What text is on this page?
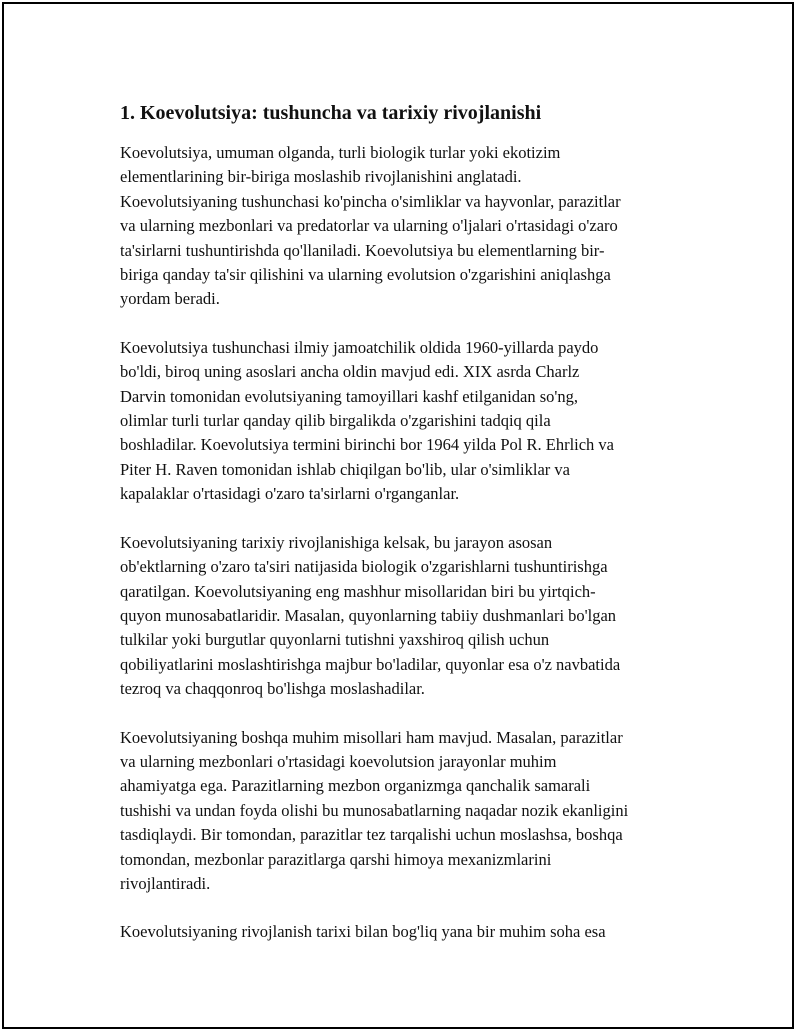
1. Koevolutsiya: tushuncha va tarixiy rivojlanishi

Koevolutsiya, umuman olganda, turli biologik turlar yoki ekotizim
elementlarining bir-biriga moslashib rivojlanishini anglatadi.
Koevolutsiyaning tushunchasi ko'pincha o'simliklar va hayvonlar, parazitlar
va ularning mezbonlari va predatorlar va ularning o'ljalari o'rtasidagi o'zaro
ta'sirlarni tushuntirishda qo'llaniladi. Koevolutsiya bu elementlarning bir-
biriga qanday ta'sir qilishini va ularning evolutsion o'zgarishini aniqlashga
yordam beradi.

Koevolutsiya tushunchasi ilmiy jamoatchilik oldida 1960-yillarda paydo
bo'ldi, biroq uning asoslari ancha oldin mavjud edi. XIX asrda Charlz
Darvin tomonidan evolutsiyaning tamoyillari kashf etilganidan so'ng,
olimlar turli turlar qanday qilib birgalikda o'zgarishini tadqiq qila
boshladilar. Koevolutsiya termini birinchi bor 1964 yilda Pol R. Ehrlich va
Piter H. Raven tomonidan ishlab chiqilgan bo'lib, ular o'simliklar va
kapalaklar o'rtasidagi o'zaro ta'sirlarni o'rganganlar.

Koevolutsiyaning tarixiy rivojlanishiga kelsak, bu jarayon asosan
ob'ektlarning o'zaro ta'siri natijasida biologik o'zgarishlarni tushuntirishga
qaratilgan. Koevolutsiyaning eng mashhur misollaridan biri bu yirtqich-
quyon munosabatlaridir. Masalan, quyonlarning tabiiy dushmanlari bo'lgan
tulkilar yoki burgutlar quyonlarni tutishni yaxshiroq qilish uchun
qobiliyatlarini moslashtirishga majbur bo'ladilar, quyonlar esa o'z navbatida
tezroq va chaqqonroq bo'lishga moslashadilar.

Koevolutsiyaning boshqa muhim misollari ham mavjud. Masalan, parazitlar
va ularning mezbonlari o'rtasidagi koevolutsion jarayonlar muhim
ahamiyatga ega. Parazitlarning mezbon organizmga qanchalik samarali
tushishi va undan foyda olishi bu munosabatlarning naqadar nozik ekanligini
tasdiqlaydi. Bir tomondan, parazitlar tez tarqalishi uchun moslashsa, boshqa
tomondan, mezbonlar parazitlarga qarshi himoya mexanizmlarini
rivojlantiradi.

Koevolutsiyaning rivojlanish tarixi bilan bog'liq yana bir muhim soha esa
